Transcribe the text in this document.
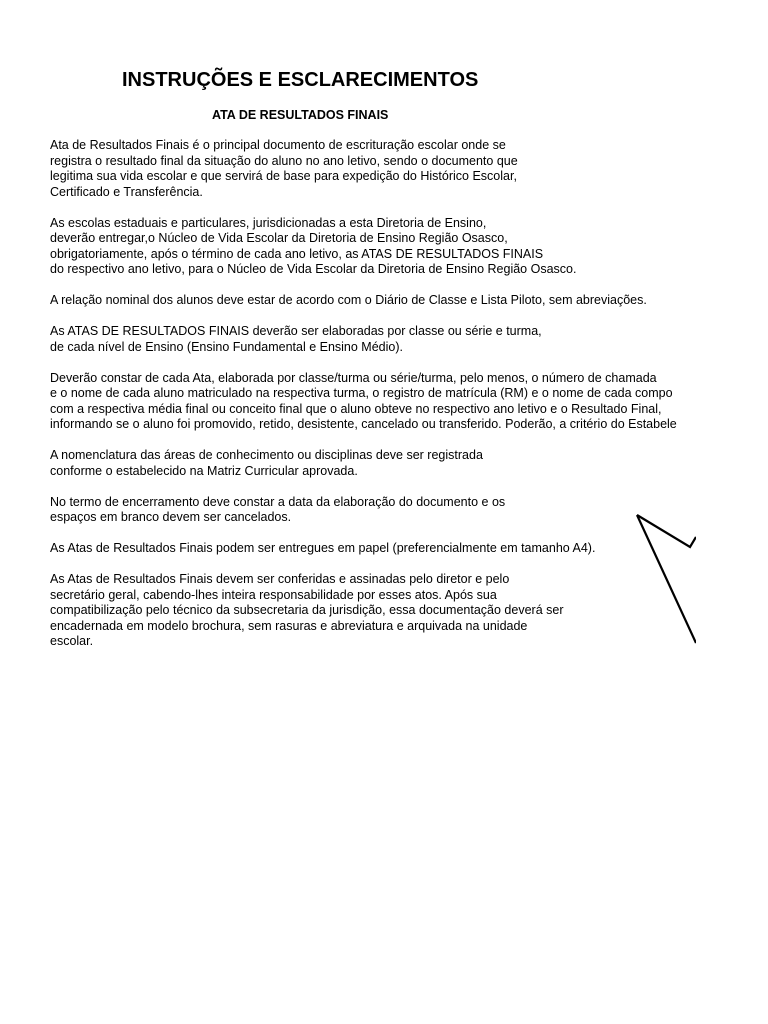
INSTRUÇÕES E ESCLARECIMENTOS
ATA DE RESULTADOS FINAIS
Ata de Resultados Finais é o principal documento de escrituração escolar onde se
registra o resultado final da situação do aluno no ano letivo, sendo o documento que
legitima sua vida escolar e que servirá de base para expedição do Histórico Escolar,
Certificado e Transferência.
As escolas estaduais e particulares, jurisdicionadas a esta Diretoria de Ensino,
deverão entregar,o Núcleo de Vida Escolar da Diretoria de Ensino Região Osasco,
obrigatoriamente, após o término de cada ano letivo, as ATAS DE RESULTADOS FINAIS
do respectivo ano letivo, para o Núcleo de Vida Escolar da Diretoria de Ensino Região Osasco.
A relação nominal dos alunos deve estar de acordo com o Diário de Classe e Lista Piloto, sem abreviações.
As ATAS DE RESULTADOS FINAIS deverão ser elaboradas por classe ou série e turma,
de cada nível de Ensino (Ensino Fundamental e Ensino Médio).
Deverão constar de cada Ata, elaborada por classe/turma ou série/turma, pelo menos, o número de chamada
e o nome de cada aluno matriculado na respectiva turma, o registro de matrícula (RM) e o nome de cada compo
com a respectiva média final ou conceito final que o aluno obteve no respectivo ano letivo e o Resultado Final,
informando se o aluno foi promovido, retido, desistente, cancelado ou transferido. Poderão, a critério do Estabele
A nomenclatura das áreas de conhecimento ou disciplinas deve ser registrada
conforme o estabelecido na Matriz Curricular aprovada.
No termo de encerramento deve constar a data da elaboração do documento e os
espaços em branco devem ser cancelados.
As Atas de Resultados Finais podem ser entregues em papel (preferencialmente em tamanho A4).
As Atas de Resultados Finais devem ser conferidas e assinadas pelo diretor e pelo
secretário geral, cabendo-lhes inteira responsabilidade por esses atos. Após sua
compatibilização pelo técnico da subsecretaria da jurisdição, essa documentação deverá ser
encadernada em modelo brochura, sem rasuras e abreviatura e arquivada na unidade
escolar.
